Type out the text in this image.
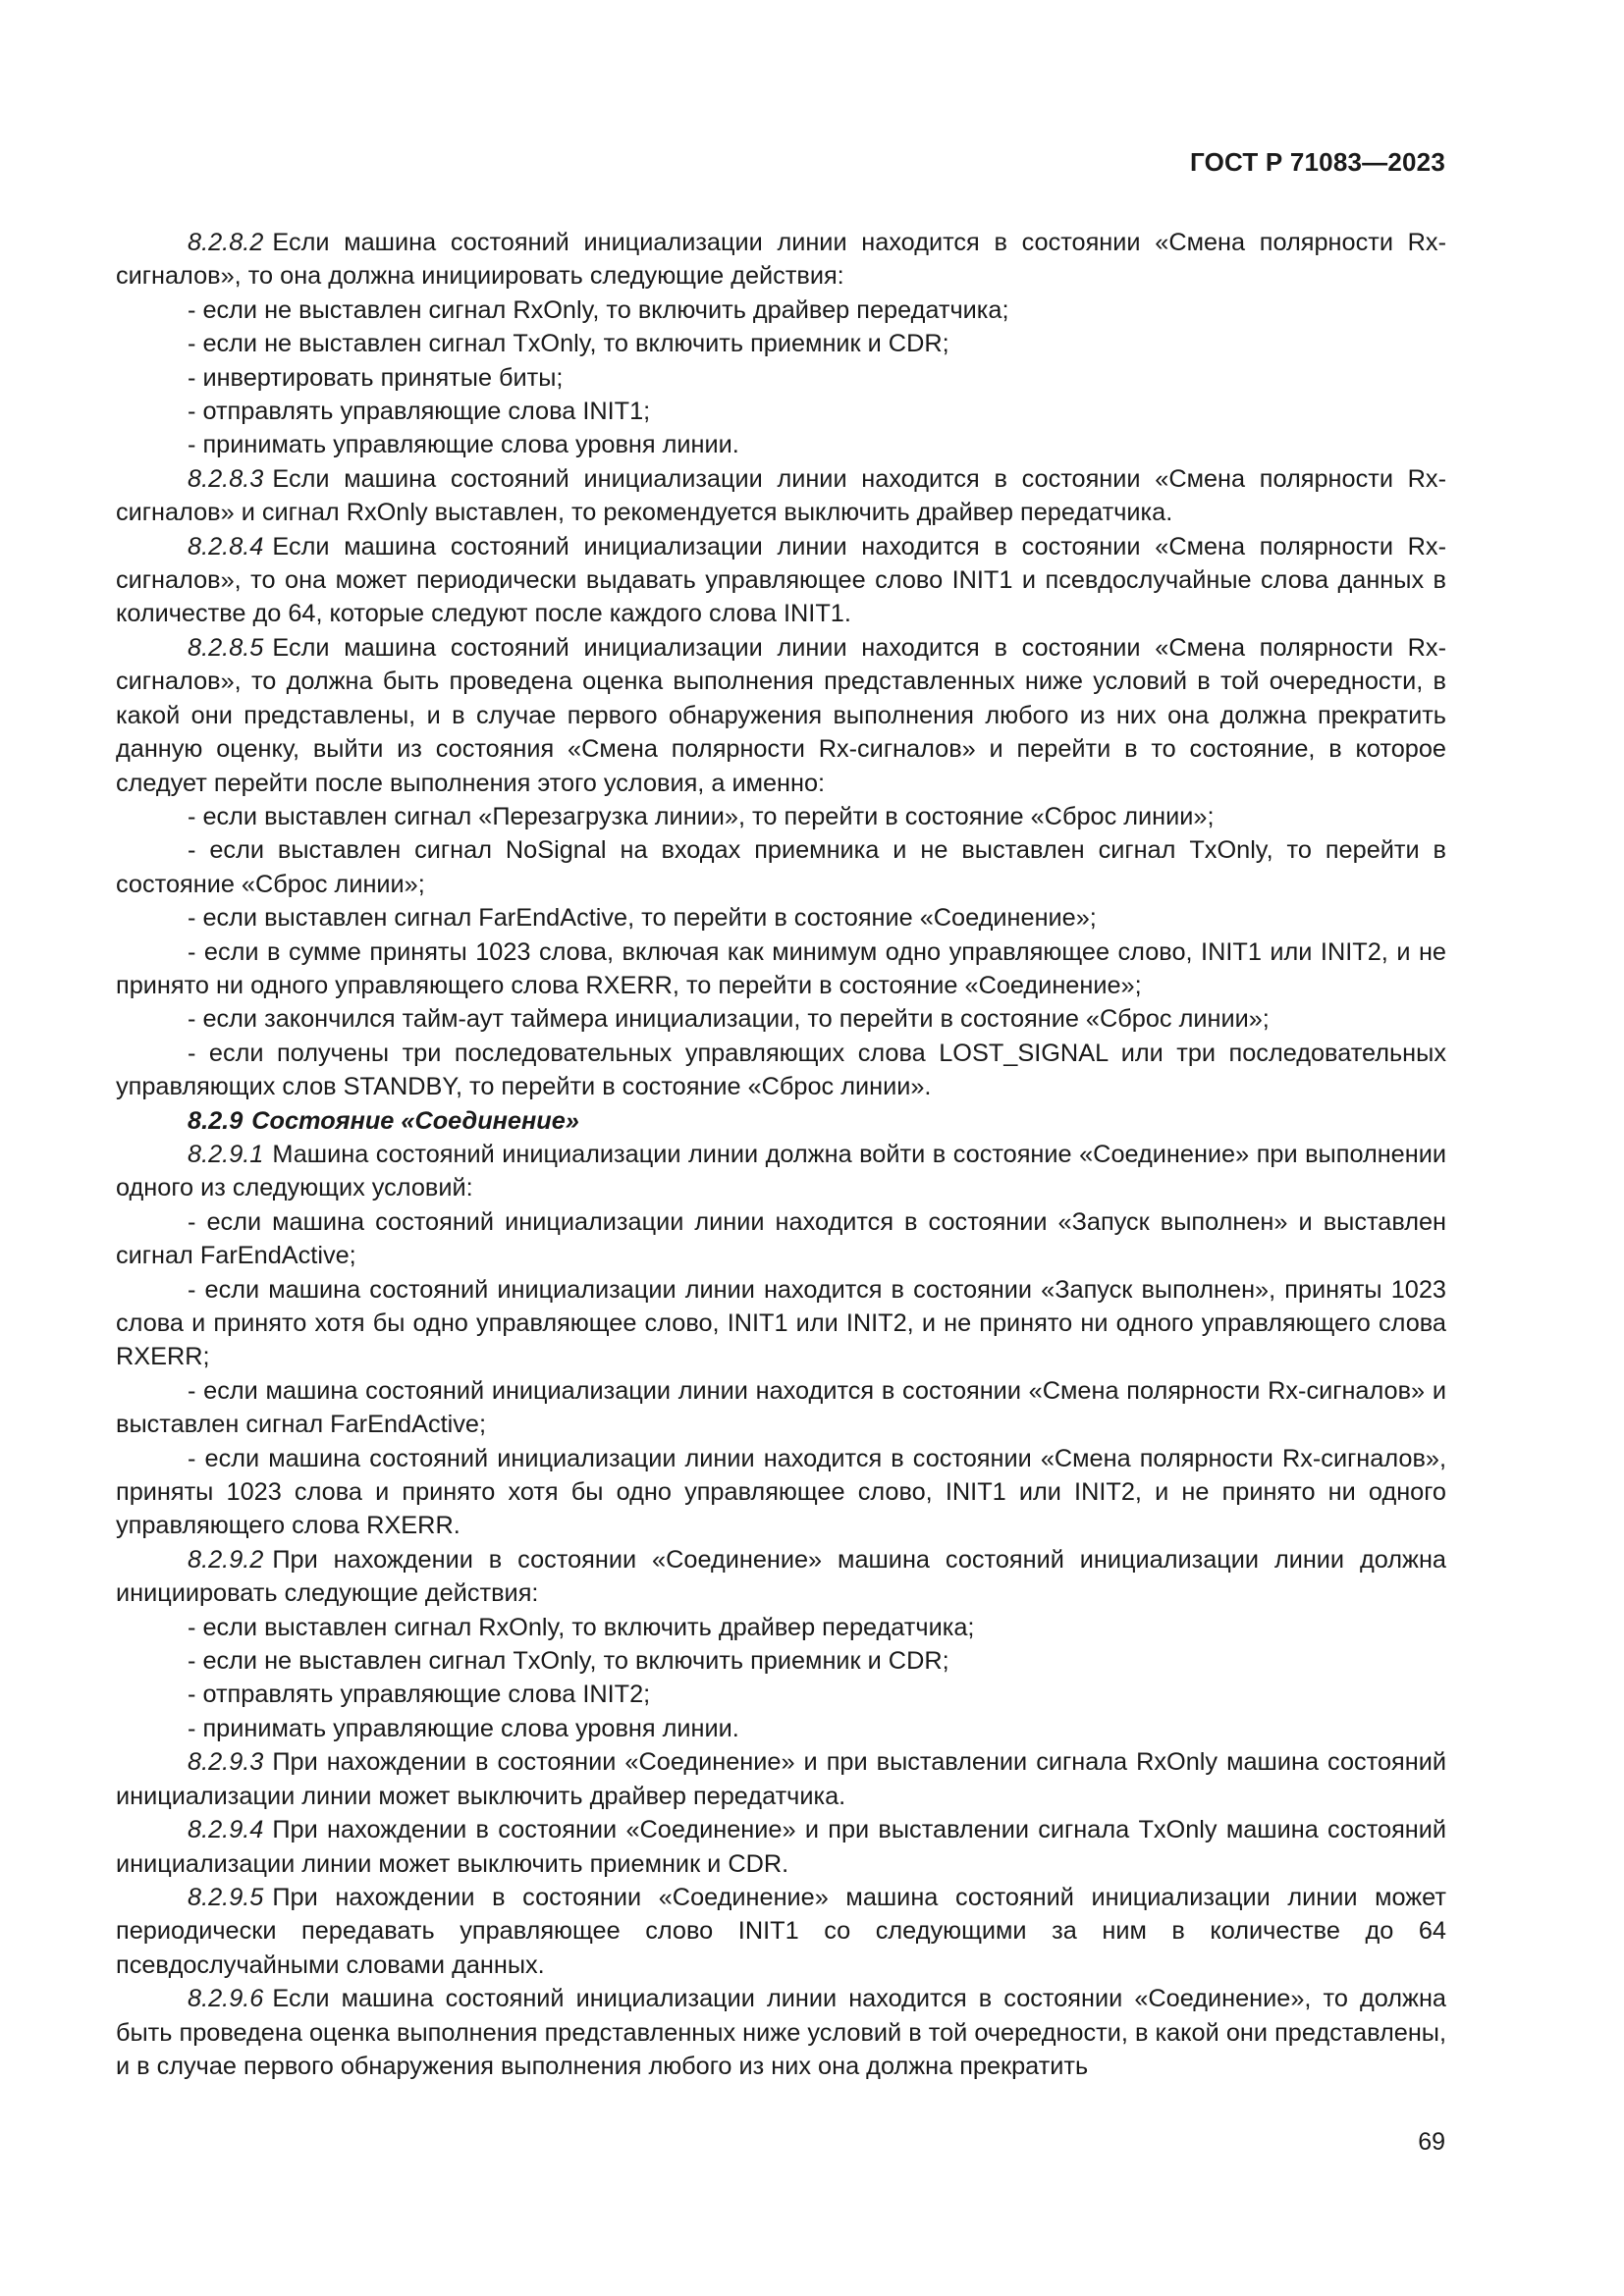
ГОСТ Р 71083—2023

8.2.8.2 Если машина состояний инициализации линии находится в состоянии «Смена полярности Rx-сигналов», то она должна инициировать следующие действия:

- если не выставлен сигнал RxOnly, то включить драйвер передатчика;

- если не выставлен сигнал TxOnly, то включить приемник и CDR;

- инвертировать принятые биты;

- отправлять управляющие слова INIT1;

- принимать управляющие слова уровня линии.

8.2.8.3 Если машина состояний инициализации линии находится в состоянии «Смена полярности Rx-сигналов» и сигнал RxOnly выставлен, то рекомендуется выключить драйвер передатчика.

8.2.8.4 Если машина состояний инициализации линии находится в состоянии «Смена полярности Rx-сигналов», то она может периодически выдавать управляющее слово INIT1 и псевдослучайные слова данных в количестве до 64, которые следуют после каждого слова INIT1.

8.2.8.5 Если машина состояний инициализации линии находится в состоянии «Смена полярности Rx-сигналов», то должна быть проведена оценка выполнения представленных ниже условий в той очередности, в какой они представлены, и в случае первого обнаружения выполнения любого из них она должна прекратить данную оценку, выйти из состояния «Смена полярности Rx-сигналов» и перейти в то состояние, в которое следует перейти после выполнения этого условия, а именно:

- если выставлен сигнал «Перезагрузка линии», то перейти в состояние «Сброс линии»;

- если выставлен сигнал NoSignal на входах приемника и не выставлен сигнал TxOnly, то перейти в состояние «Сброс линии»;

- если выставлен сигнал FarEndActive, то перейти в состояние «Соединение»;

- если в сумме приняты 1023 слова, включая как минимум одно управляющее слово, INIT1 или INIT2, и не принято ни одного управляющего слова RXERR, то перейти в состояние «Соединение»;

- если закончился тайм-аут таймера инициализации, то перейти в состояние «Сброс линии»;

- если получены три последовательных управляющих слова LOST_SIGNAL или три последовательных управляющих слов STANDBY, то перейти в состояние «Сброс линии».

8.2.9 Состояние «Соединение»

8.2.9.1 Машина состояний инициализации линии должна войти в состояние «Соединение» при выполнении одного из следующих условий:

- если машина состояний инициализации линии находится в состоянии «Запуск выполнен» и выставлен сигнал FarEndActive;

- если машина состояний инициализации линии находится в состоянии «Запуск выполнен», приняты 1023 слова и принято хотя бы одно управляющее слово, INIT1 или INIT2, и не принято ни одного управляющего слова RXERR;

- если машина состояний инициализации линии находится в состоянии «Смена полярности Rx-сигналов» и выставлен сигнал FarEndActive;

- если машина состояний инициализации линии находится в состоянии «Смена полярности Rx-сигналов», приняты 1023 слова и принято хотя бы одно управляющее слово, INIT1 или INIT2, и не принято ни одного управляющего слова RXERR.

8.2.9.2 При нахождении в состоянии «Соединение» машина состояний инициализации линии должна инициировать следующие действия:

- если выставлен сигнал RxOnly, то включить драйвер передатчика;

- если не выставлен сигнал TxOnly, то включить приемник и CDR;

- отправлять управляющие слова INIT2;

- принимать управляющие слова уровня линии.

8.2.9.3 При нахождении в состоянии «Соединение» и при выставлении сигнала RxOnly машина состояний инициализации линии может выключить драйвер передатчика.

8.2.9.4 При нахождении в состоянии «Соединение» и при выставлении сигнала TxOnly машина состояний инициализации линии может выключить приемник и CDR.

8.2.9.5 При нахождении в состоянии «Соединение» машина состояний инициализации линии может периодически передавать управляющее слово INIT1 со следующими за ним в количестве до 64 псевдослучайными словами данных.

8.2.9.6 Если машина состояний инициализации линии находится в состоянии «Соединение», то должна быть проведена оценка выполнения представленных ниже условий в той очередности, в какой они представлены, и в случае первого обнаружения выполнения любого из них она должна прекратить

69
